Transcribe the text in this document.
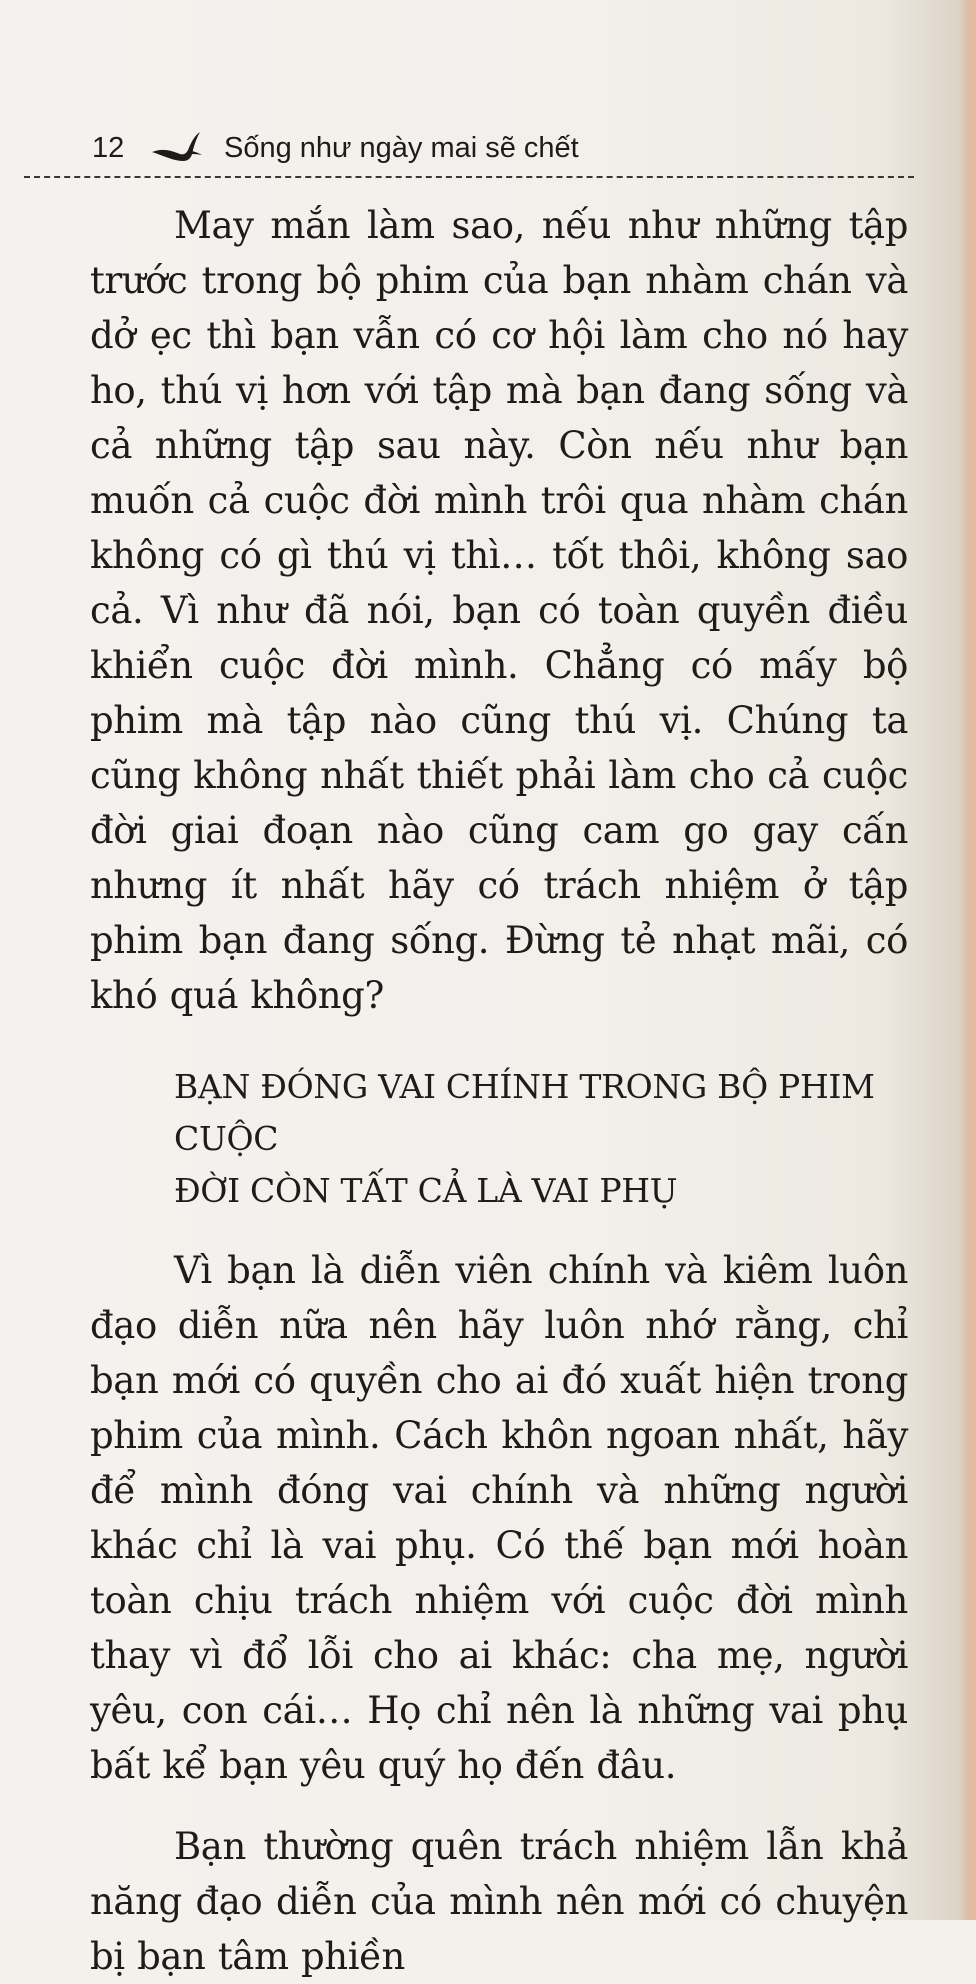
12	Sống như ngày mai sẽ chết

May mắn làm sao, nếu như những tập trước trong bộ phim của bạn nhàm chán và dở ẹc thì bạn vẫn có cơ hội làm cho nó hay ho, thú vị hơn với tập mà bạn đang sống và cả những tập sau này. Còn nếu như bạn muốn cả cuộc đời mình trôi qua nhàm chán không có gì thú vị thì… tốt thôi, không sao cả. Vì như đã nói, bạn có toàn quyền điều khiển cuộc đời mình. Chẳng có mấy bộ phim mà tập nào cũng thú vị. Chúng ta cũng không nhất thiết phải làm cho cả cuộc đời giai đoạn nào cũng cam go gay cấn nhưng ít nhất hãy có trách nhiệm ở tập phim bạn đang sống. Đừng tẻ nhạt mãi, có khó quá không?

BẠN ĐÓNG VAI CHÍNH TRONG BỘ PHIM CUỘC
ĐỜI CÒN TẤT CẢ LÀ VAI PHỤ

Vì bạn là diễn viên chính và kiêm luôn đạo diễn nữa nên hãy luôn nhớ rằng, chỉ bạn mới có quyền cho ai đó xuất hiện trong phim của mình. Cách khôn ngoan nhất, hãy để mình đóng vai chính và những người khác chỉ là vai phụ. Có thế bạn mới hoàn toàn chịu trách nhiệm với cuộc đời mình thay vì đổ lỗi cho ai khác: cha mẹ, người yêu, con cái… Họ chỉ nên là những vai phụ bất kể bạn yêu quý họ đến đâu.

Bạn thường quên trách nhiệm lẫn khả năng đạo diễn của mình nên mới có chuyện bị bạn tâm phiền
